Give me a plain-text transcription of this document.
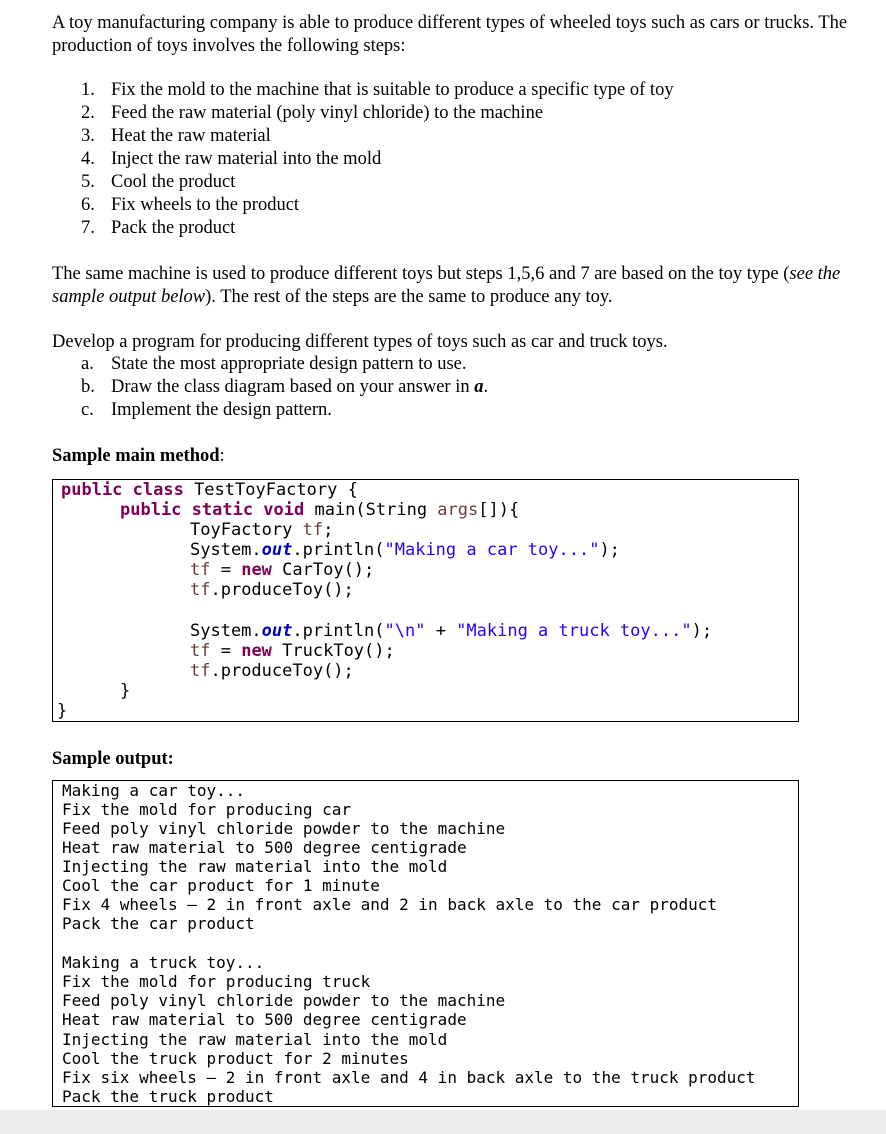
A toy manufacturing company is able to produce different types of wheeled toys such as cars or trucks. The production of toys involves the following steps:

1. Fix the mold to the machine that is suitable to produce a specific type of toy
2. Feed the raw material (poly vinyl chloride) to the machine
3. Heat the raw material
4. Inject the raw material into the mold
5. Cool the product
6. Fix wheels to the product
7. Pack the product

The same machine is used to produce different toys but steps 1,5,6 and 7 are based on the toy type (see the sample output below). The rest of the steps are the same to produce any toy.

Develop a program for producing different types of toys such as car and truck toys.

a. State the most appropriate design pattern to use.
b. Draw the class diagram based on your answer in a.
c. Implement the design pattern.
Sample main method:
public class TestToyFactory {
public static void main(String args[]){
ToyFactory tf;
System.out.println("Making a car toy...");
tf = new CarToy();
tf.produceToy();
System.out.println("\n" + "Making a truck toy...");
tf = new TruckToy();
tf.produceToy();
}
}
Sample output:
Making a car toy...
Fix the mold for producing car
Feed poly vinyl chloride powder to the machine
Heat raw material to 500 degree centigrade
Injecting the raw material into the mold
Cool the car product for 1 minute
Fix 4 wheels – 2 in front axle and 2 in back axle to the car product
Pack the car product
Making a truck toy...
Fix the mold for producing truck
Feed poly vinyl chloride powder to the machine
Heat raw material to 500 degree centigrade
Injecting the raw material into the mold
Cool the truck product for 2 minutes
Fix six wheels – 2 in front axle and 4 in back axle to the truck product
Pack the truck product
